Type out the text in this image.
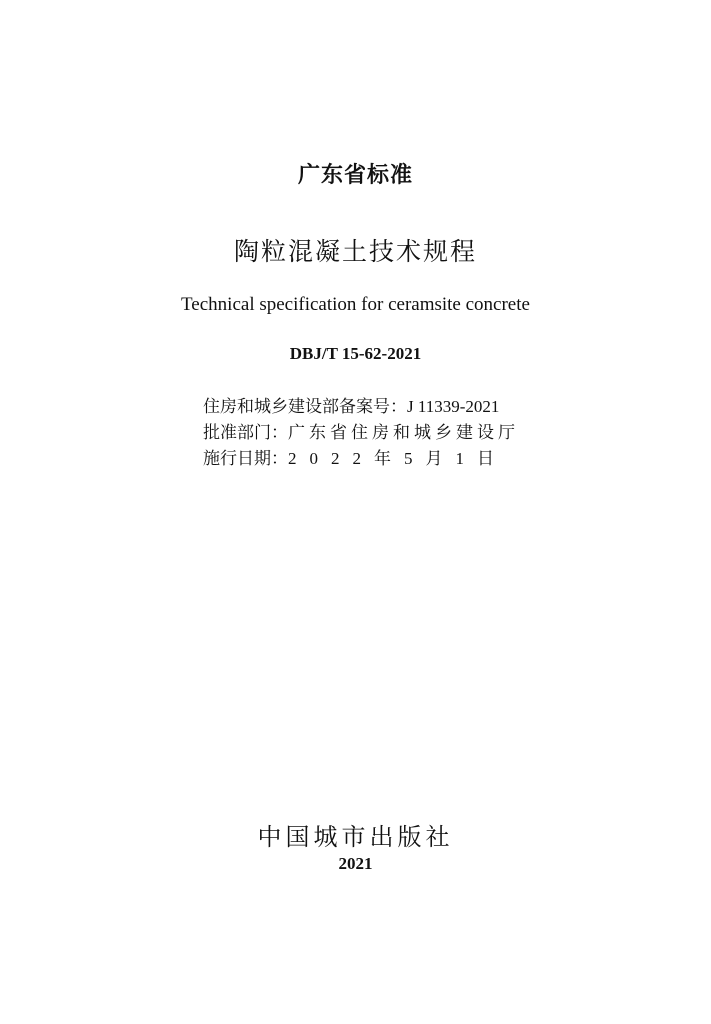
广东省标准
陶粒混凝土技术规程
Technical specification for ceramsite concrete
DBJ/T 15-62-2021
住房和城乡建设部备案号：J 11339-2021
批准部门：广东省住房和城乡建设厅
施行日期：2022年5月1日
中国城市出版社
2021
